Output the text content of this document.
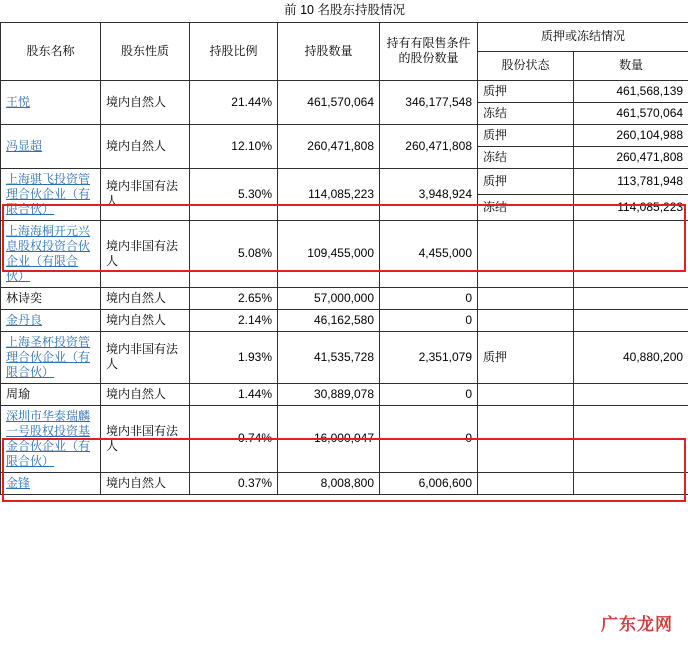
前 10 名股东持股情况						
股东名称	股东性质	持股比例	持股数量	持有有限售条件的股份数量	质押或冻结情况	
					股份状态	数量
王悦	境内自然人	21.44%	461,570,064	346,177,548	质押	461,568,139
					冻结	461,570,064
冯显超	境内自然人	12.10%	260,471,808	260,471,808	质押	260,104,988
					冻结	260,471,808
上海骐飞投资管理合伙企业（有限合伙）	境内非国有法人	5.30%	114,085,223	3,948,924	质押	113,781,948
					冻结	114,085,223
上海海桐开元兴息股权投资合伙企业（有限合伙）	境内非国有法人	5.08%	109,455,000	4,455,000		
林诗奕	境内自然人	2.65%	57,000,000	0		
金丹良	境内自然人	2.14%	46,162,580	0		
上海圣杯投资管理合伙企业（有限合伙）	境内非国有法人	1.93%	41,535,728	2,351,079	质押	40,880,200
周瑜	境内自然人	1.44%	30,889,078	0		
深圳市华泰瑞麟一号股权投资基金合伙企业（有限合伙）	境内非国有法人	0.74%	16,000,047	0		
金锋	境内自然人	0.37%	8,008,800	6,006,600		
广东龙网
